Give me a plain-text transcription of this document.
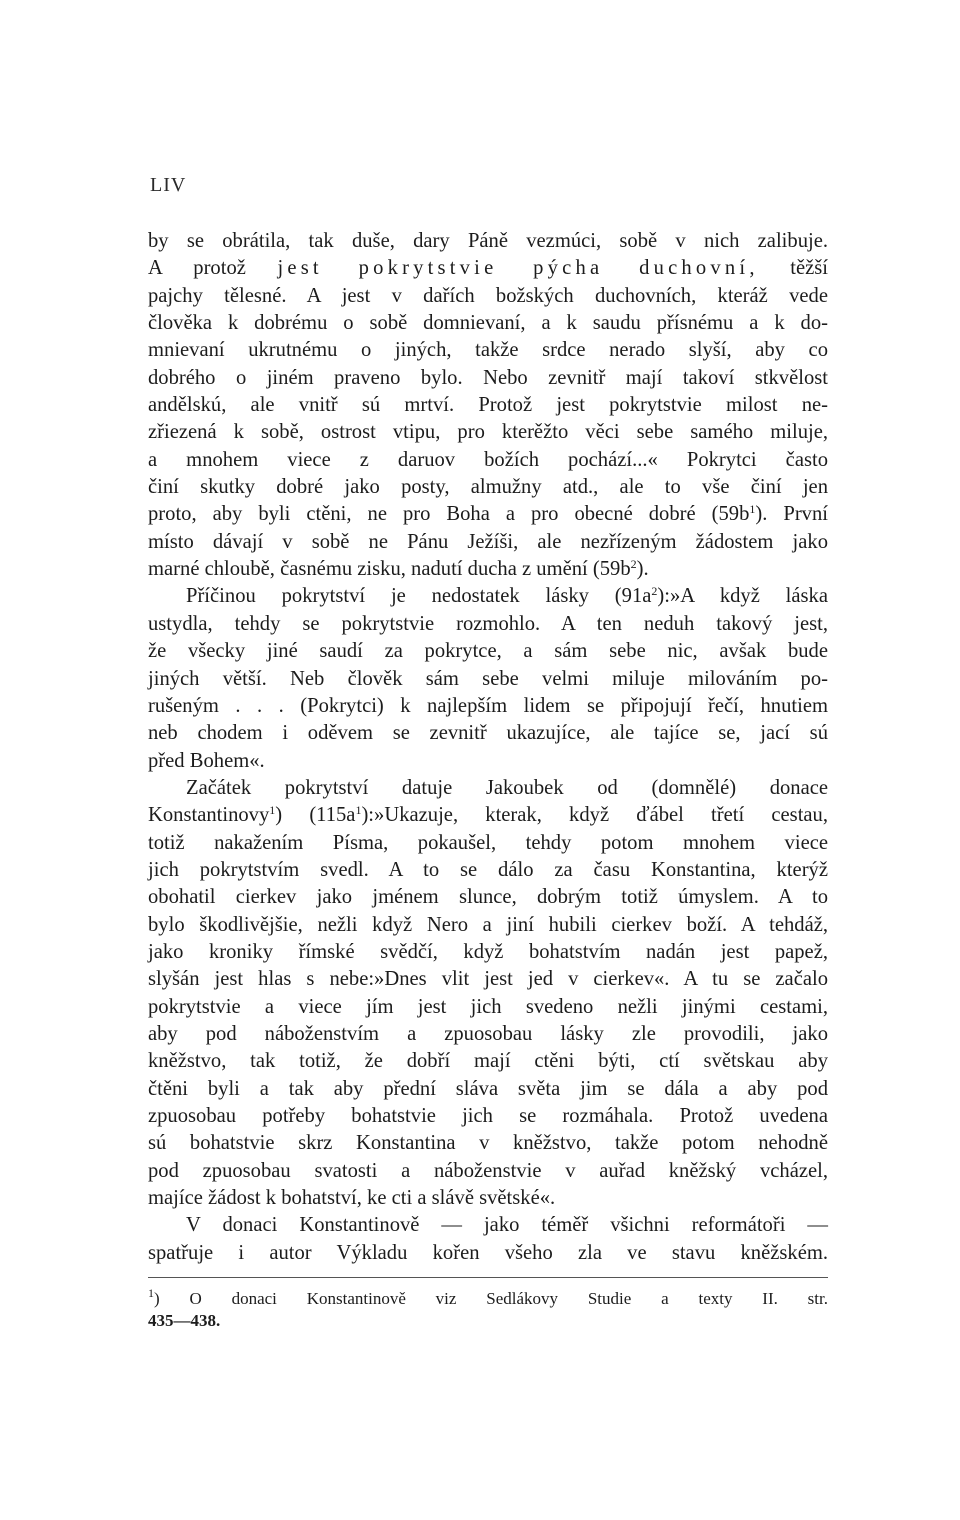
LIV
by se obrátila, tak duše, dary Páně vezmúci, sobě v nich zalibuje.
A protož jest pokrytstvie pýcha duchovní, těžší
pajchy tělesné. A jest v dařích božských duchovních, kteráž vede
člověka k dobrému o sobě domnievaní, a k saudu přísnému a k do-
mnievaní ukrutnému o jiných, takže srdce nerado slyší, aby co
dobrého o jiném praveno bylo. Nebo zevnitř mají takoví stkvělost
andělskú, ale vnitř sú mrtví. Protož jest pokrytstvie milost ne-
zřiezená k sobě, ostrost vtipu, pro kterěžto věci sebe samého miluje,
a mnohem viece z daruov božích pochází...« Pokrytci často
činí skutky dobré jako posty, almužny atd., ale to vše činí jen
proto, aby byli ctěni, ne pro Boha a pro obecné dobré $(59b^1)$. První
místo dávají v sobě ne Pánu Ježíši, ale nezřízeným žádostem jako
marné chloubě, časnému zisku, nadutí ducha z umění $(59b^2)$.
Příčinou pokrytství je nedostatek lásky $(91a^2):»A$ když láska
ustydla, tehdy se pokrytstvie rozmohlo. A ten neduh takový jest,
že všecky jiné saudí za pokrytce, a sám sebe nic, avšak bude
jiných větší. Neb člověk sám sebe velmi miluje milováním po-
rušeným . . . (Pokrytci) k najlepším lidem se připojují řečí, hnutiem
neb chodem i oděvem se zevnitř ukazujíce, ale tajíce se, jací sú
před Bohem«.
Začátek pokrytství datuje Jakoubek od (domnělé) donace
Konstantinovy$^1$) $(115a^1):»Ukazuje$, kterak, když ďábel třetí cestau,
totiž nakažením Písma, pokaušel, tehdy potom mnohem viece
jich pokrytstvím svedl. A to se dálo za času Konstantina, kterýž
obohatil cierkev jako jménem slunce, dobrým totiž úmyslem. A to
bylo škodlivějšie, nežli když Nero a jiní hubili cierkev boží. A tehdáž,
jako kroniky římské svědčí, když bohatstvím nadán jest papež,
slyšán jest hlas s nebe:»Dnes vlit jest jed v cierkev«. A tu se začalo
pokrytstvie a viece jím jest jich svedeno nežli jinými cestami,
aby pod náboženstvím a zpuosobau lásky zle provodili, jako
kněžstvo, tak totiž, že dobří mají ctěni býti, ctí světskau aby
čtěni byli a tak aby přední sláva světa jim se dála a aby pod
zpuosobau potřeby bohatstvie jich se rozmáhala. Protož uvedena
sú bohatstvie skrz Konstantina v kněžstvo, takže potom nehodně
pod zpuosobau svatosti a náboženstvie v auřad kněžský vcházel,
majíce žádost k bohatství, ke cti a slávě světské«.
V donaci Konstantinově — jako téměř všichni reformátoři —
spatřuje i autor Výkladu kořen všeho zla ve stavu kněžském.
$^1$) O donaci Konstantinově viz Sedlákovy Studie a texty II. str.
435—438.
